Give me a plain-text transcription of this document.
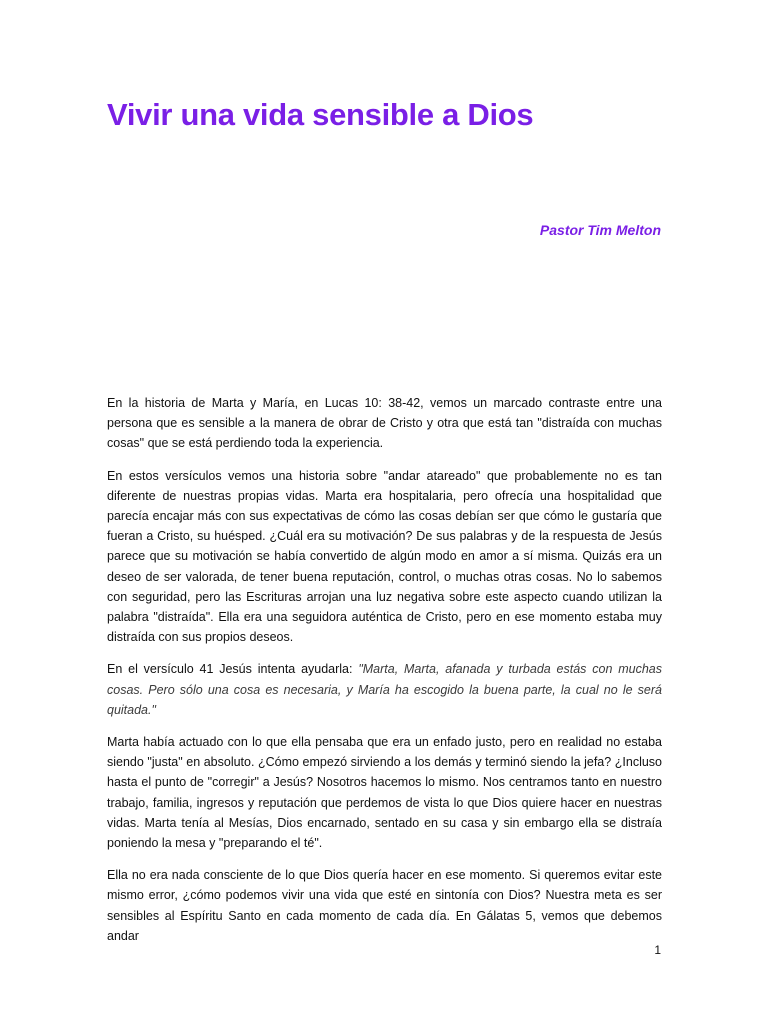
Vivir una vida sensible a Dios
Pastor Tim Melton

En la historia de Marta y María, en Lucas 10: 38-42, vemos un marcado contraste entre una persona que es sensible a la manera de obrar de Cristo y otra que está tan "distraída con muchas cosas" que se está perdiendo toda la experiencia.

En estos versículos vemos una historia sobre "andar atareado" que probablemente no es tan diferente de nuestras propias vidas. Marta era hospitalaria, pero ofrecía una hospitalidad que parecía encajar más con sus expectativas de cómo las cosas debían ser que cómo le gustaría que fueran a Cristo, su huésped. ¿Cuál era su motivación? De sus palabras y de la respuesta de Jesús parece que su motivación se había convertido de algún modo en amor a sí misma. Quizás era un deseo de ser valorada, de tener buena reputación, control, o muchas otras cosas. No lo sabemos con seguridad, pero las Escrituras arrojan una luz negativa sobre este aspecto cuando utilizan la palabra "distraída". Ella era una seguidora auténtica de Cristo, pero en ese momento estaba muy distraída con sus propios deseos.

En el versículo 41 Jesús intenta ayudarla: "Marta, Marta, afanada y turbada estás con muchas cosas. Pero sólo una cosa es necesaria, y María ha escogido la buena parte, la cual no le será quitada."

Marta había actuado con lo que ella pensaba que era un enfado justo, pero en realidad no estaba siendo "justa" en absoluto. ¿Cómo empezó sirviendo a los demás y terminó siendo la jefa? ¿Incluso hasta el punto de "corregir" a Jesús? Nosotros hacemos lo mismo. Nos centramos tanto en nuestro trabajo, familia, ingresos y reputación que perdemos de vista lo que Dios quiere hacer en nuestras vidas. Marta tenía al Mesías, Dios encarnado, sentado en su casa y sin embargo ella se distraía poniendo la mesa y "preparando el té".

Ella no era nada consciente de lo que Dios quería hacer en ese momento. Si queremos evitar este mismo error, ¿cómo podemos vivir una vida que esté en sintonía con Dios? Nuestra meta es ser sensibles al Espíritu Santo en cada momento de cada día. En Gálatas 5, vemos que debemos andar

1
